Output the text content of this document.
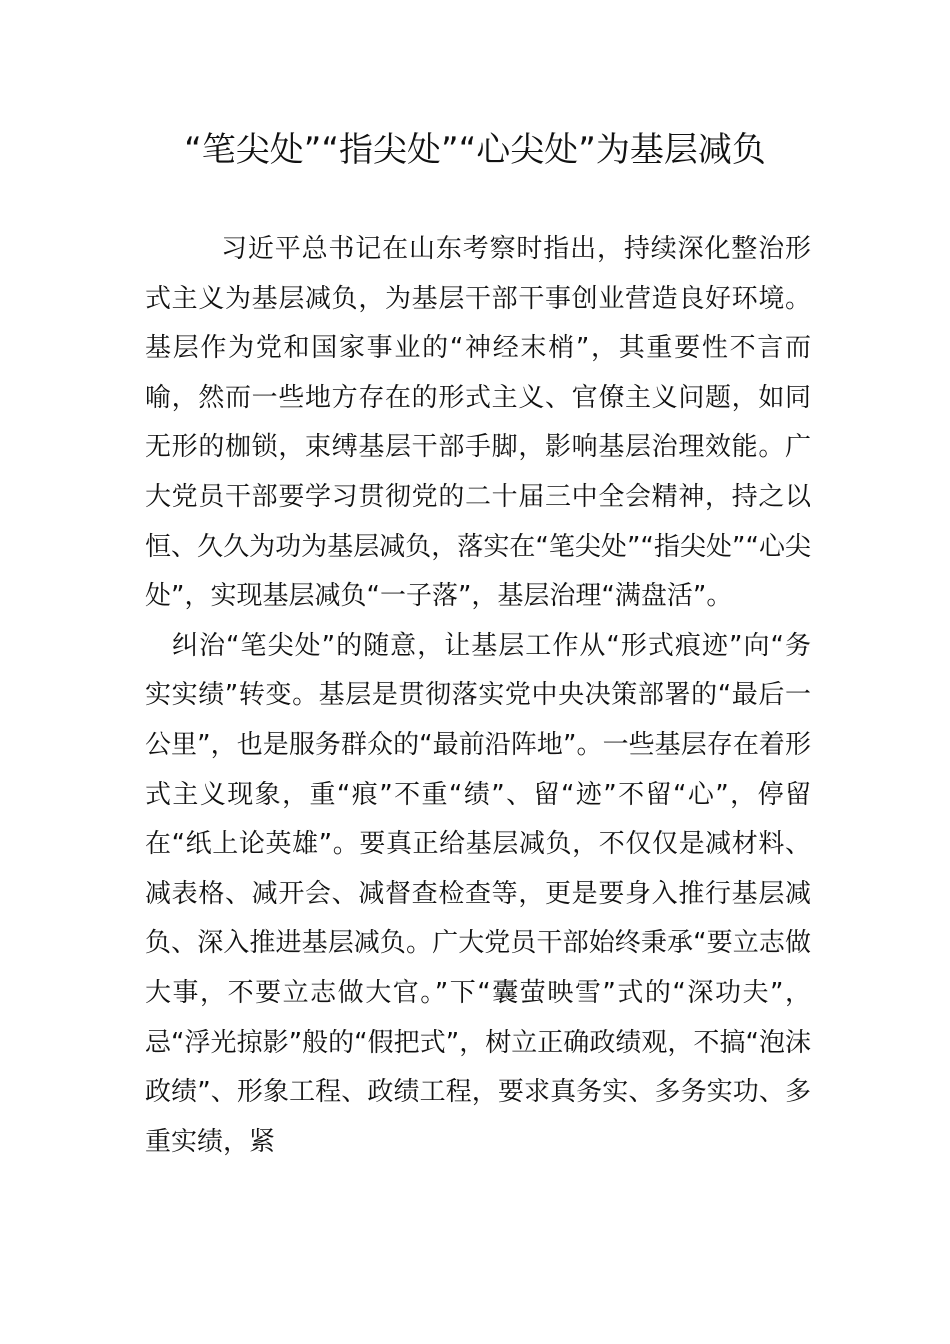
“笔尖处”“指尖处”“心尖处”为基层减负

习近平总书记在山东考察时指出，持续深化整治形式主义为基层减负，为基层干部干事创业营造良好环境。基层作为党和国家事业的“神经末梢”，其重要性不言而喻，然而一些地方存在的形式主义、官僚主义问题，如同无形的枷锁，束缚基层干部手脚，影响基层治理效能。广大党员干部要学习贯彻党的二十届三中全会精神，持之以恒、久久为功为基层减负，落实在“笔尖处”“指尖处”“心尖处”，实现基层减负“一子落”，基层治理“满盘活”。

纠治“笔尖处”的随意，让基层工作从“形式痕迹”向“务实实绩”转变。基层是贯彻落实党中央决策部署的“最后一公里”，也是服务群众的“最前沿阵地”。一些基层存在着形式主义现象，重“痕”不重“绩”、留“迹”不留“心”，停留在“纸上论英雄”。要真正给基层减负，不仅仅是减材料、减表格、减开会、减督查检查等，更是要身入推行基层减负、深入推进基层减负。广大党员干部始终秉承“要立志做大事，不要立志做大官。”下“囊萤映雪”式的“深功夫”，忌“浮光掠影”般的“假把式”，树立正确政绩观，不搞“泡沫政绩”、形象工程、政绩工程，要求真务实、多务实功、多重实绩，紧
